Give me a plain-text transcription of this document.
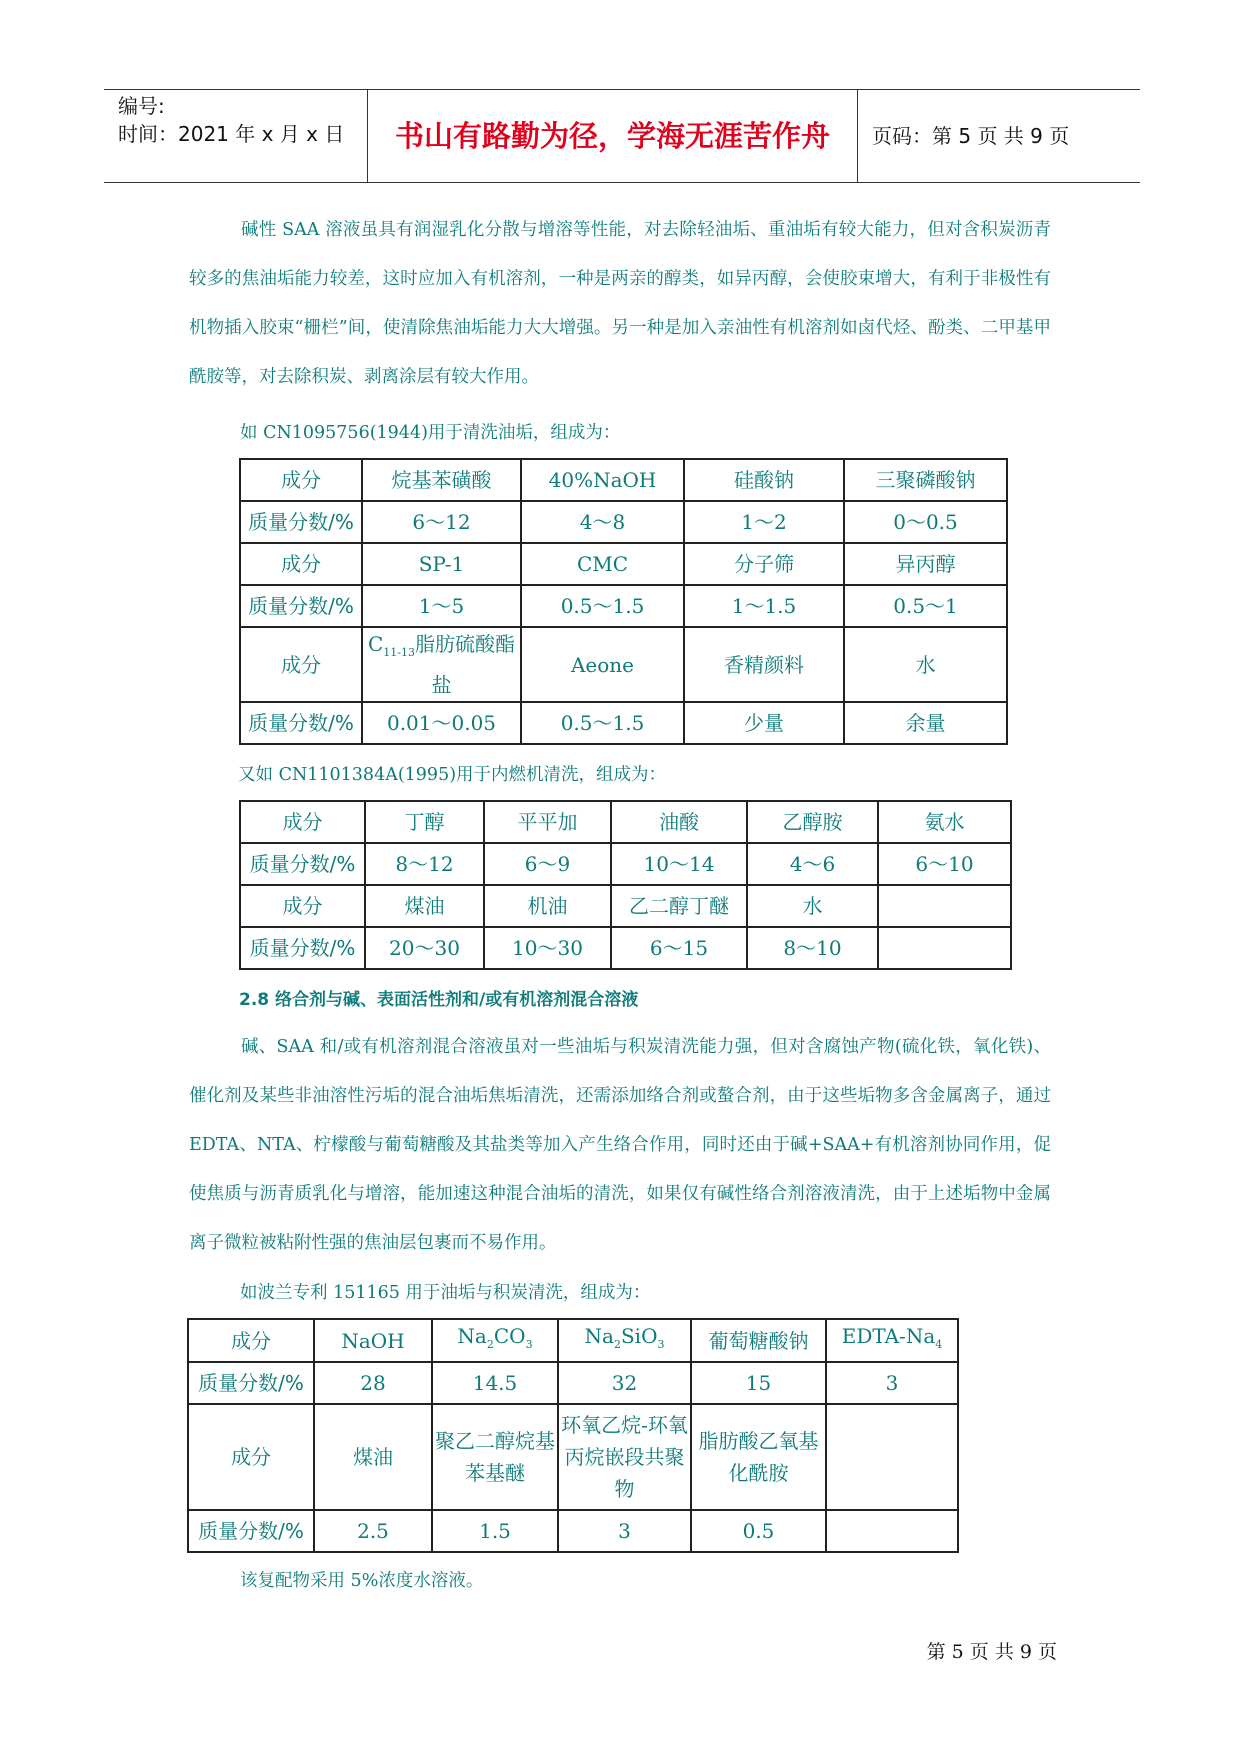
编号:
时间：2021 年 x 月 x 日	书山有路勤为径，学海无涯苦作舟	页码：第 5 页 共 9 页

碱性 SAA 溶液虽具有润湿乳化分散与增溶等性能，对去除轻油垢、重油垢有较大能力，但对含积炭沥青较多的焦油垢能力较差，这时应加入有机溶剂，一种是两亲的醇类，如异丙醇，会使胶束增大，有利于非极性有机物插入胶束“栅栏”间，使清除焦油垢能力大大增强。另一种是加入亲油性有机溶剂如卤代烃、酚类、二甲基甲酰胺等，对去除积炭、剥离涂层有较大作用。

如 CN1095756(1944)用于清洗油垢，组成为：

成分	烷基苯磺酸	40%NaOH	硅酸钠	三聚磷酸钠
质量分数/%	6～12	4～8	1～2	0～0.5
成分	SP-1	CMC	分子筛	异丙醇
质量分数/%	1～5	0.5～1.5	1～1.5	0.5～1
成分	$C_{11-13}$脂肪硫酸酯盐	Aeone	香精颜料	水
质量分数/%	0.01～0.05	0.5～1.5	少量	余量

又如 CN1101384A(1995)用于内燃机清洗，组成为：

成分	丁醇	平平加	油酸	乙醇胺	氨水
质量分数/%	8～12	6～9	10～14	4～6	6～10
成分	煤油	机油	乙二醇丁醚	水	
质量分数/%	20～30	10～30	6～15	8～10	

2.8 络合剂与碱、表面活性剂和/或有机溶剂混合溶液

碱、SAA 和/或有机溶剂混合溶液虽对一些油垢与积炭清洗能力强，但对含腐蚀产物(硫化铁，氧化铁)、催化剂及某些非油溶性污垢的混合油垢焦垢清洗，还需添加络合剂或螯合剂，由于这些垢物多含金属离子，通过 EDTA、NTA、柠檬酸与葡萄糖酸及其盐类等加入产生络合作用，同时还由于碱+SAA+有机溶剂协同作用，促使焦质与沥青质乳化与增溶，能加速这种混合油垢的清洗，如果仅有碱性络合剂溶液清洗，由于上述垢物中金属离子微粒被粘附性强的焦油层包裹而不易作用。

如波兰专利 151165 用于油垢与积炭清洗，组成为：

成分	NaOH	$Na_2CO_3$	$Na_2SiO_3$	葡萄糖酸钠	EDTA-$Na_4$
质量分数/%	28	14.5	32	15	3
成分	煤油	聚乙二醇烷基苯基醚	环氧乙烷-环氧丙烷嵌段共聚物	脂肪酸乙氧基化酰胺	
质量分数/%	2.5	1.5	3	0.5	

该复配物采用 5%浓度水溶液。

第 5 页 共 9 页
